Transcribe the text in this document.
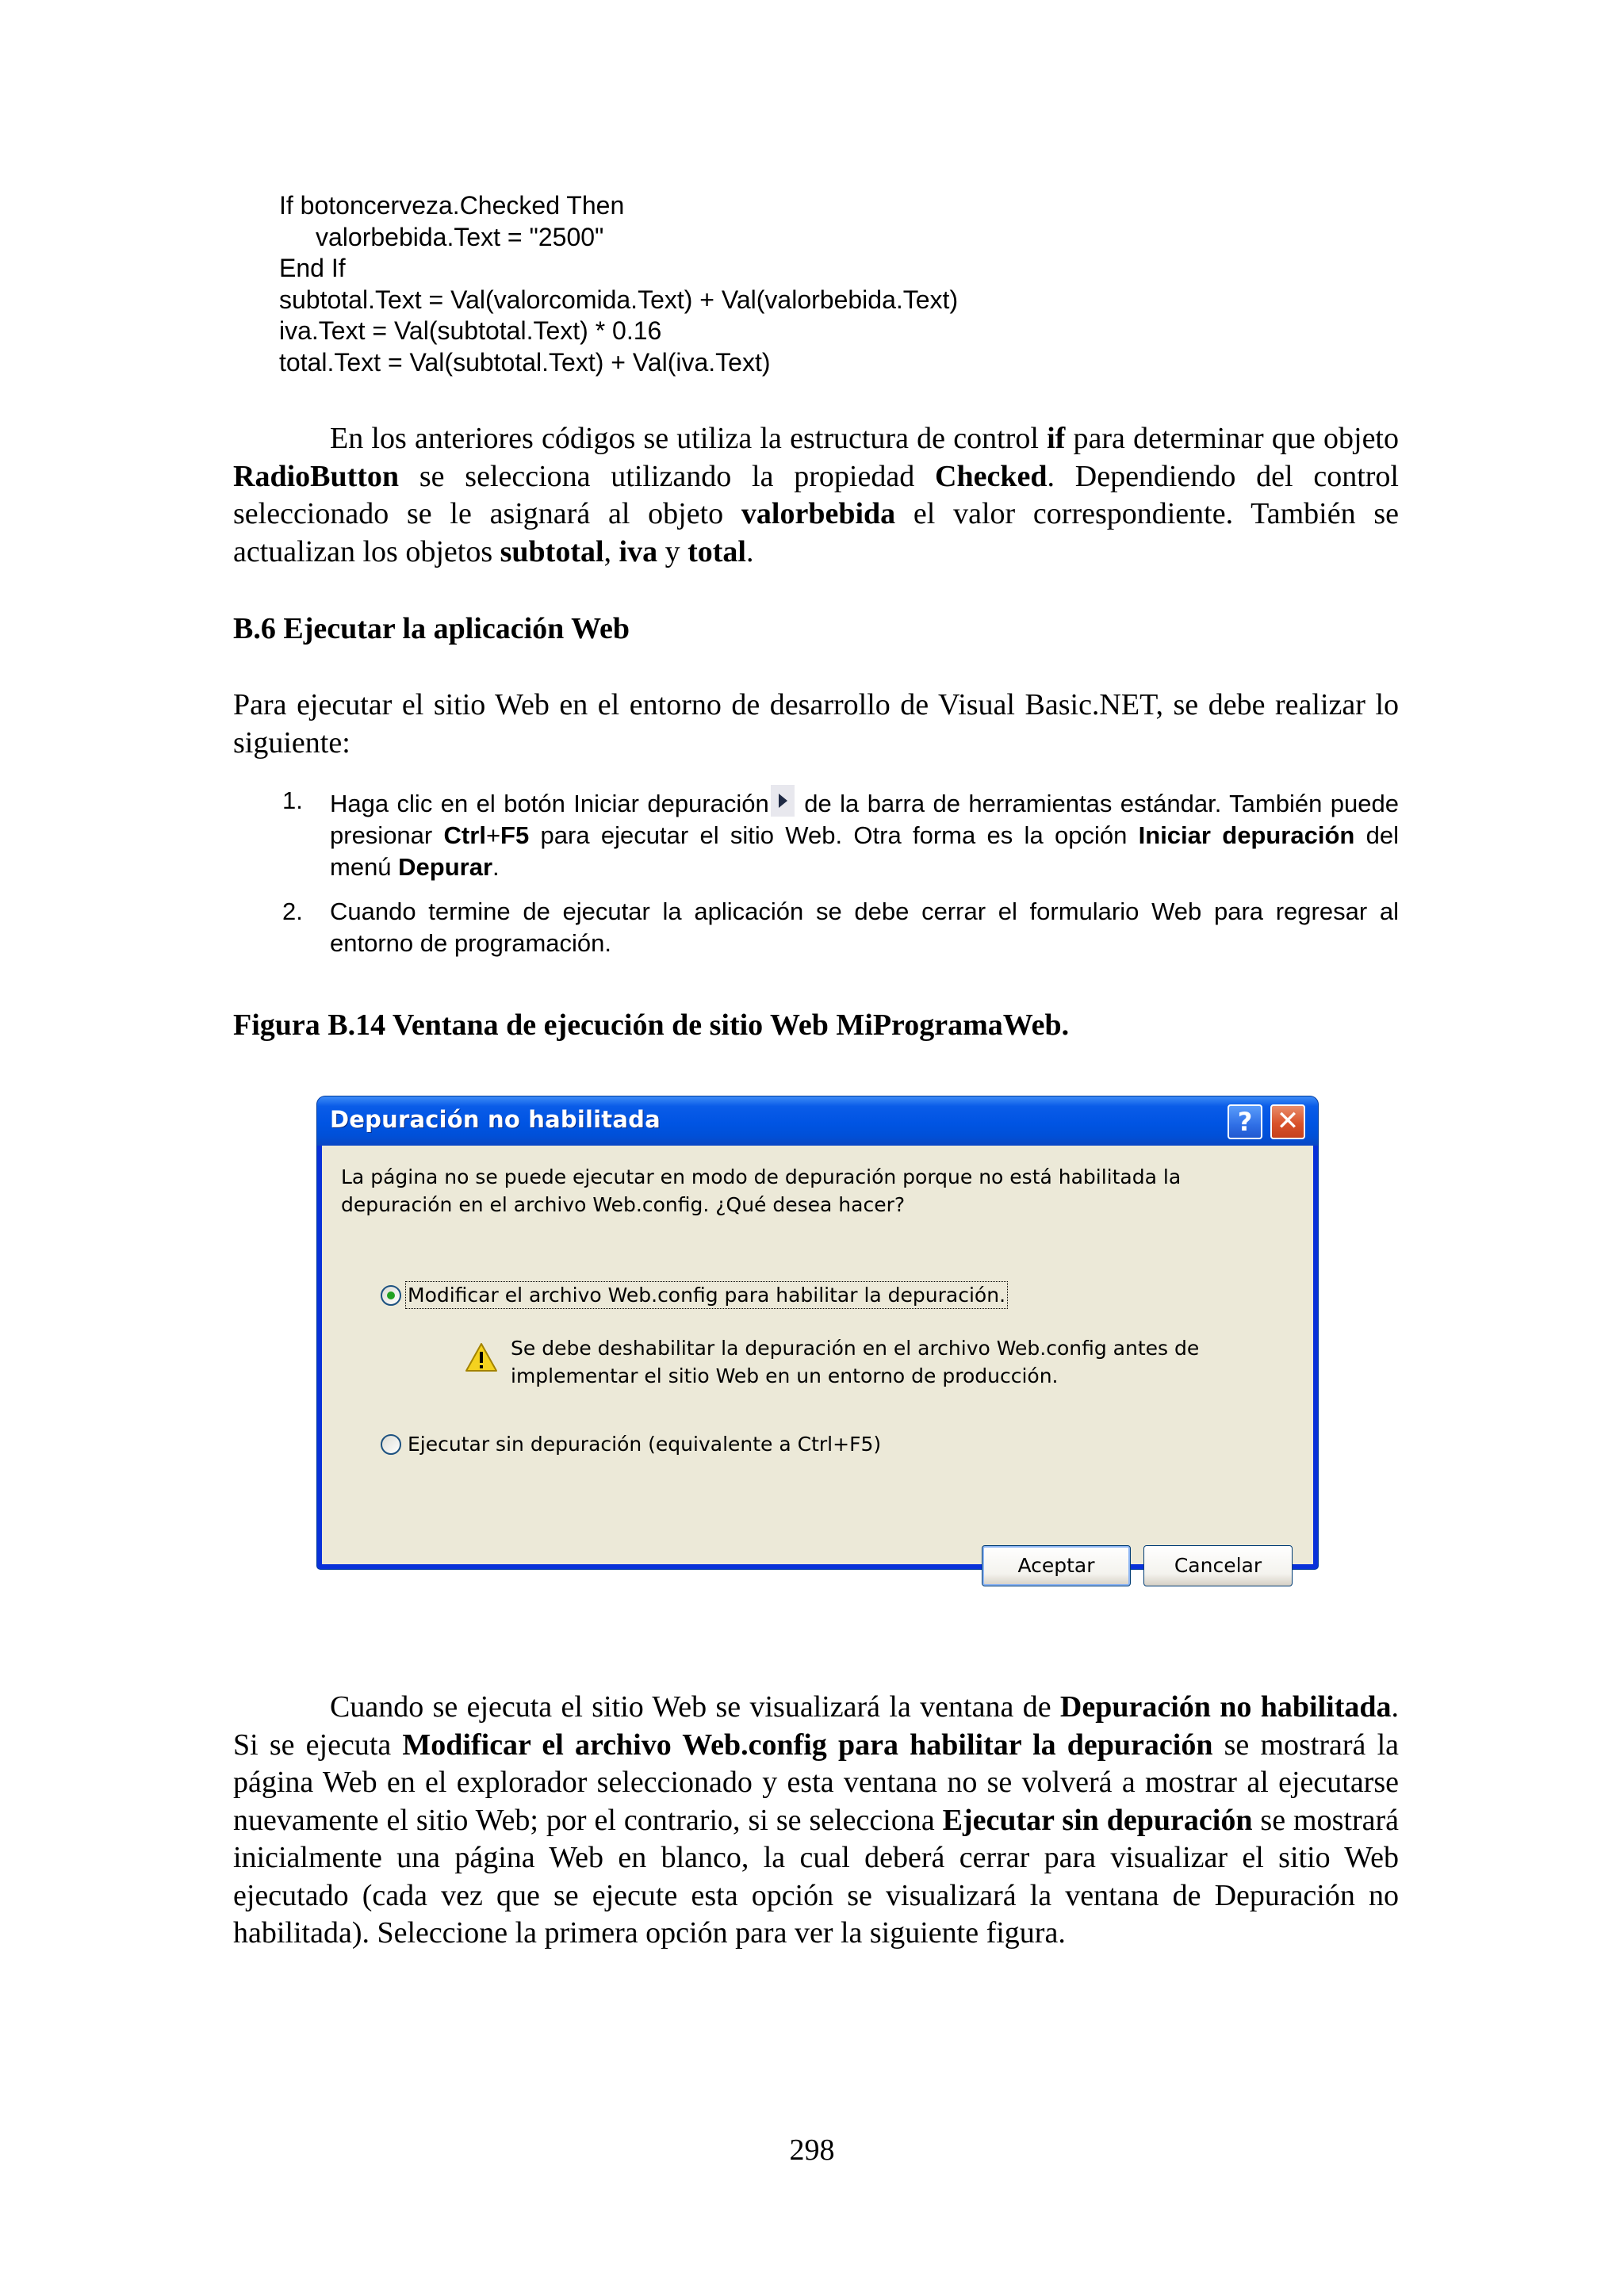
If botoncerveza.Checked Then
valorbebida.Text = "2500"
End If
subtotal.Text = Val(valorcomida.Text) + Val(valorbebida.Text)
iva.Text = Val(subtotal.Text) * 0.16
total.Text = Val(subtotal.Text) + Val(iva.Text)
En los anteriores códigos se utiliza la estructura de control if para determinar que objeto RadioButton se selecciona utilizando la propiedad Checked. Dependiendo del control seleccionado se le asignará al objeto valorbebida el valor correspondiente. También se actualizan los objetos subtotal, iva y total.
B.6 Ejecutar la aplicación Web
Para ejecutar el sitio Web en el entorno de desarrollo de Visual Basic.NET, se debe realizar lo siguiente:
1. Haga clic en el botón Iniciar depuración de la barra de herramientas estándar. También puede presionar Ctrl+F5 para ejecutar el sitio Web. Otra forma es la opción Iniciar depuración del menú Depurar.
2. Cuando termine de ejecutar la aplicación se debe cerrar el formulario Web para regresar al entorno de programación.
Figura B.14 Ventana de ejecución de sitio Web MiProgramaWeb.
Depuración no habilitada	? ✕
La página no se puede ejecutar en modo de depuración porque no está habilitada la depuración en el archivo Web.config. ¿Qué desea hacer?
Modificar el archivo Web.config para habilitar la depuración.
Se debe deshabilitar la depuración en el archivo Web.config antes de implementar el sitio Web en un entorno de producción.
Ejecutar sin depuración (equivalente a Ctrl+F5)
Aceptar	Cancelar
Cuando se ejecuta el sitio Web se visualizará la ventana de Depuración no habilitada. Si se ejecuta Modificar el archivo Web.config para habilitar la depuración se mostrará la página Web en el explorador seleccionado y esta ventana no se volverá a mostrar al ejecutarse nuevamente el sitio Web; por el contrario, si se selecciona Ejecutar sin depuración se mostrará inicialmente una página Web en blanco, la cual deberá cerrar para visualizar el sitio Web ejecutado (cada vez que se ejecute esta opción se visualizará la ventana de Depuración no habilitada). Seleccione la primera opción para ver la siguiente figura.
298
